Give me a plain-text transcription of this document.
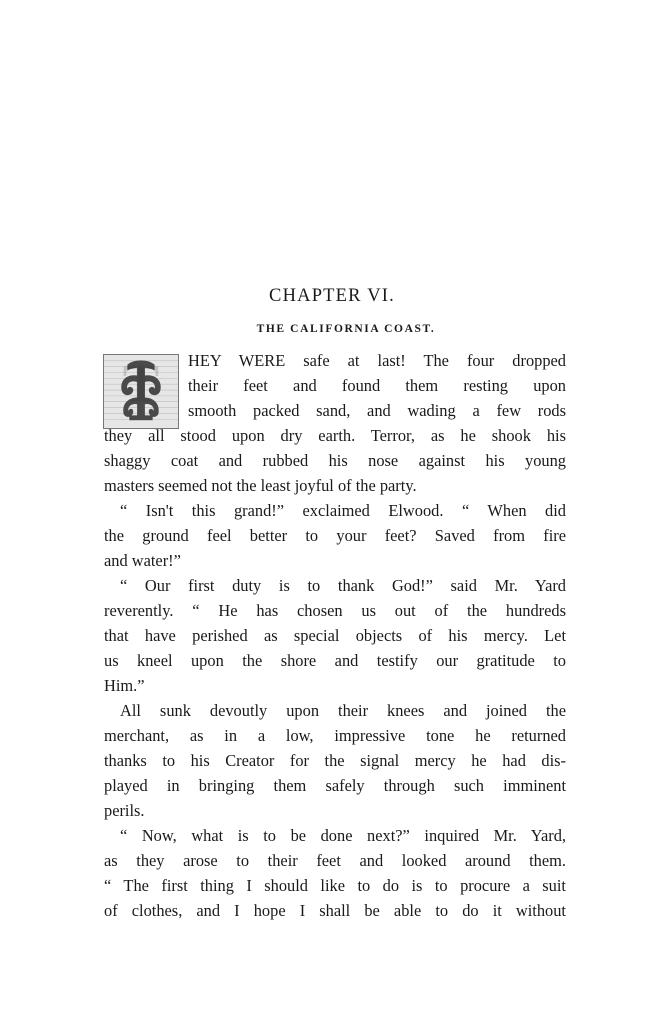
CHAPTER VI.
THE CALIFORNIA COAST.
T HEY WERE safe at last! The four dropped
their feet and found them resting upon
smooth packed sand, and wading a few rods
they all stood upon dry earth. Terror, as he shook his
shaggy coat and rubbed his nose against his young
masters seemed not the least joyful of the party.
“ Isn't this grand!” exclaimed Elwood. “ When did
the ground feel better to your feet? Saved from fire
and water!”
“ Our first duty is to thank God!” said Mr. Yard
reverently. “ He has chosen us out of the hundreds
that have perished as special objects of his mercy. Let
us kneel upon the shore and testify our gratitude to
Him.”
All sunk devoutly upon their knees and joined the
merchant, as in a low, impressive tone he returned
thanks to his Creator for the signal mercy he had dis-
played in bringing them safely through such imminent
perils.
“ Now, what is to be done next?” inquired Mr. Yard,
as they arose to their feet and looked around them.
“ The first thing I should like to do is to procure a suit
of clothes, and I hope I shall be able to do it without
